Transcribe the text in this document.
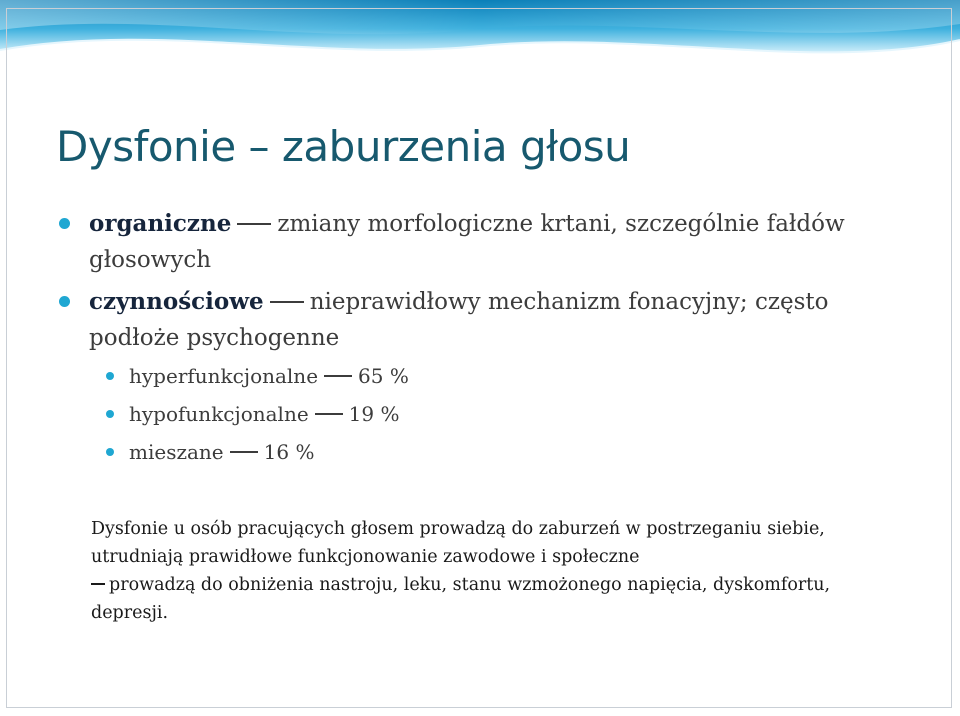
Dysfonie – zaburzenia głosu
organiczne zmiany morfologiczne krtani, szczególnie fałdów głosowych
czynnościowe nieprawidłowy mechanizm fonacyjny; często podłoże psychogenne
hyperfunkcjonalne 65 %
hypofunkcjonalne 19 %
mieszane 16 %

Dysfonie u osób pracujących głosem prowadzą do zaburzeń w postrzeganiu siebie, utrudniają prawidłowe funkcjonowanie zawodowe i społeczne
prowadzą do obniżenia nastroju, leku, stanu wzmożonego napięcia, dyskomfortu, depresji.
